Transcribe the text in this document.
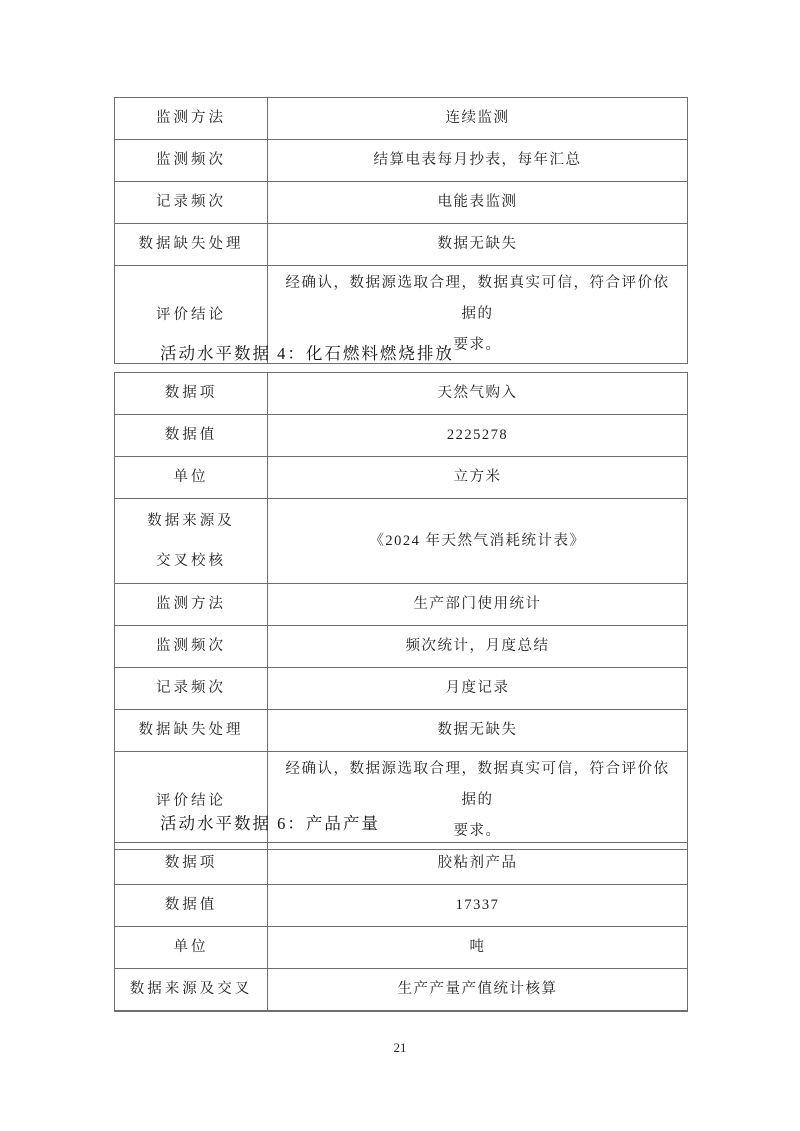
监测方法	连续监测
监测频次	结算电表每月抄表，每年汇总
记录频次	电能表监测
数据缺失处理	数据无缺失
评价结论	经确认，数据源选取合理，数据真实可信，符合评价依据的
要求。
活动水平数据 4：化石燃料燃烧排放
数据项	天然气购入
数据值	2225278
单位	立方米
数据来源及
交叉校核	《2024 年天然气消耗统计表》
监测方法	生产部门使用统计
监测频次	频次统计，月度总结
记录频次	月度记录
数据缺失处理	数据无缺失
评价结论	经确认，数据源选取合理，数据真实可信，符合评价依据的
要求。
活动水平数据 6：产品产量
数据项	胶粘剂产品
数据值	17337
单位	吨
数据来源及交叉	生产产量产值统计核算
21
